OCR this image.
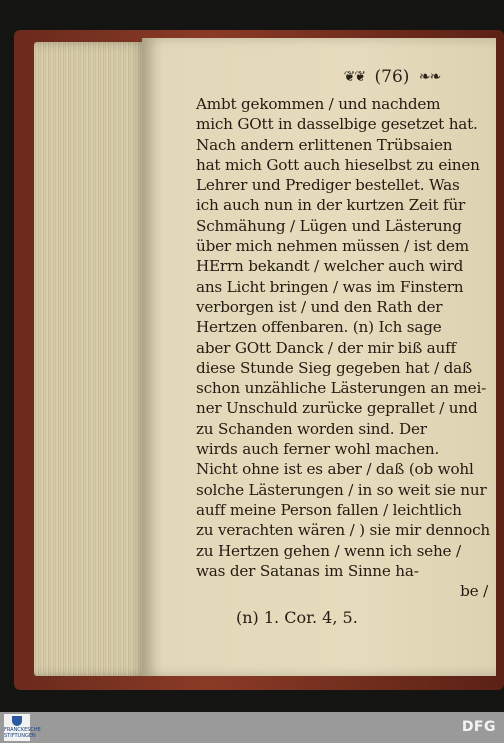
❦❦ (76) ❧❧
Ambt gekommen / und nachdem
mich GOtt in dasselbige gesetzet hat.
Nach andern erlittenen Trübsaien
hat mich Gott auch hieselbst zu einen
Lehrer und Prediger bestellet. Was
ich auch nun in der kurtzen Zeit für
Schmähung / Lügen und Lästerung
über mich nehmen müssen / ist dem
HErrn bekandt / welcher auch wird
ans Licht bringen / was im Finstern
verborgen ist / und den Rath der
Hertzen offenbaren. (n) Ich sage
aber GOtt Danck / der mir biß auff
diese Stunde Sieg gegeben hat / daß
schon unzähliche Lästerungen an mei-
ner Unschuld zurücke geprallet / und
zu Schanden worden sind. Der
wirds auch ferner wohl machen.
Nicht ohne ist es aber / daß (ob wohl
solche Lästerungen / in so weit sie nur
auff meine Person fallen / leichtlich
zu verachten wären / ) sie mir dennoch
zu Hertzen gehen / wenn ich sehe /
was der Satanas im Sinne ha-
be /
(n) 1. Cor. 4, 5.
FRANCKESCHE STIFTUNGEN
DFG
